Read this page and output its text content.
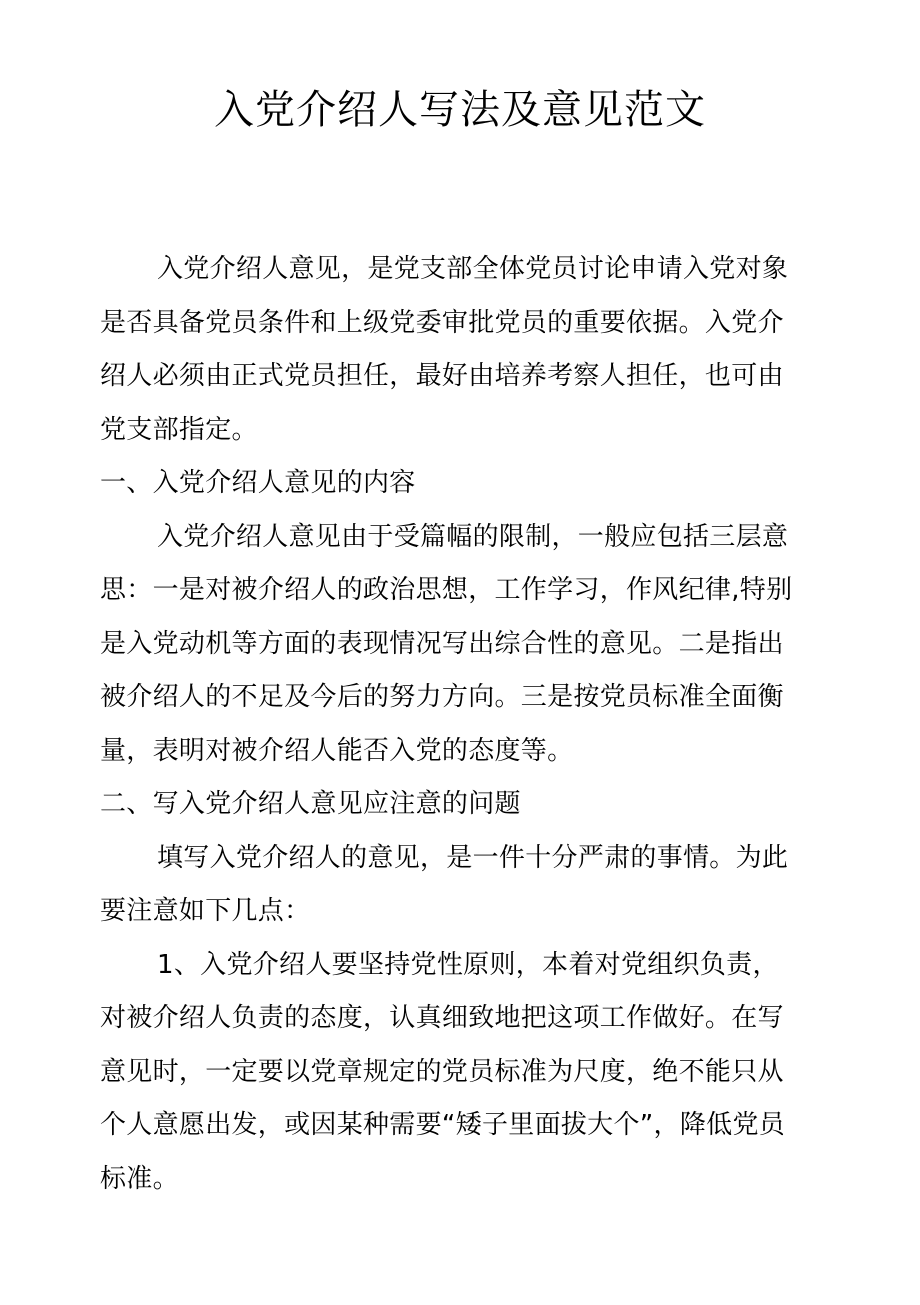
入党介绍人写法及意见范文

入党介绍人意见，是党支部全体党员讨论申请入党对象是否具备党员条件和上级党委审批党员的重要依据。入党介绍人必须由正式党员担任，最好由培养考察人担任，也可由党支部指定。

一、入党介绍人意见的内容

入党介绍人意见由于受篇幅的限制，一般应包括三层意思：一是对被介绍人的政治思想，工作学习，作风纪律,特别是入党动机等方面的表现情况写出综合性的意见。二是指出被介绍人的不足及今后的努力方向。三是按党员标准全面衡量，表明对被介绍人能否入党的态度等。

二、写入党介绍人意见应注意的问题

填写入党介绍人的意见，是一件十分严肃的事情。为此要注意如下几点：

1、入党介绍人要坚持党性原则，本着对党组织负责，对被介绍人负责的态度，认真细致地把这项工作做好。在写意见时，一定要以党章规定的党员标准为尺度，绝不能只从个人意愿出发，或因某种需要“矮子里面拔大个”，降低党员标准。
